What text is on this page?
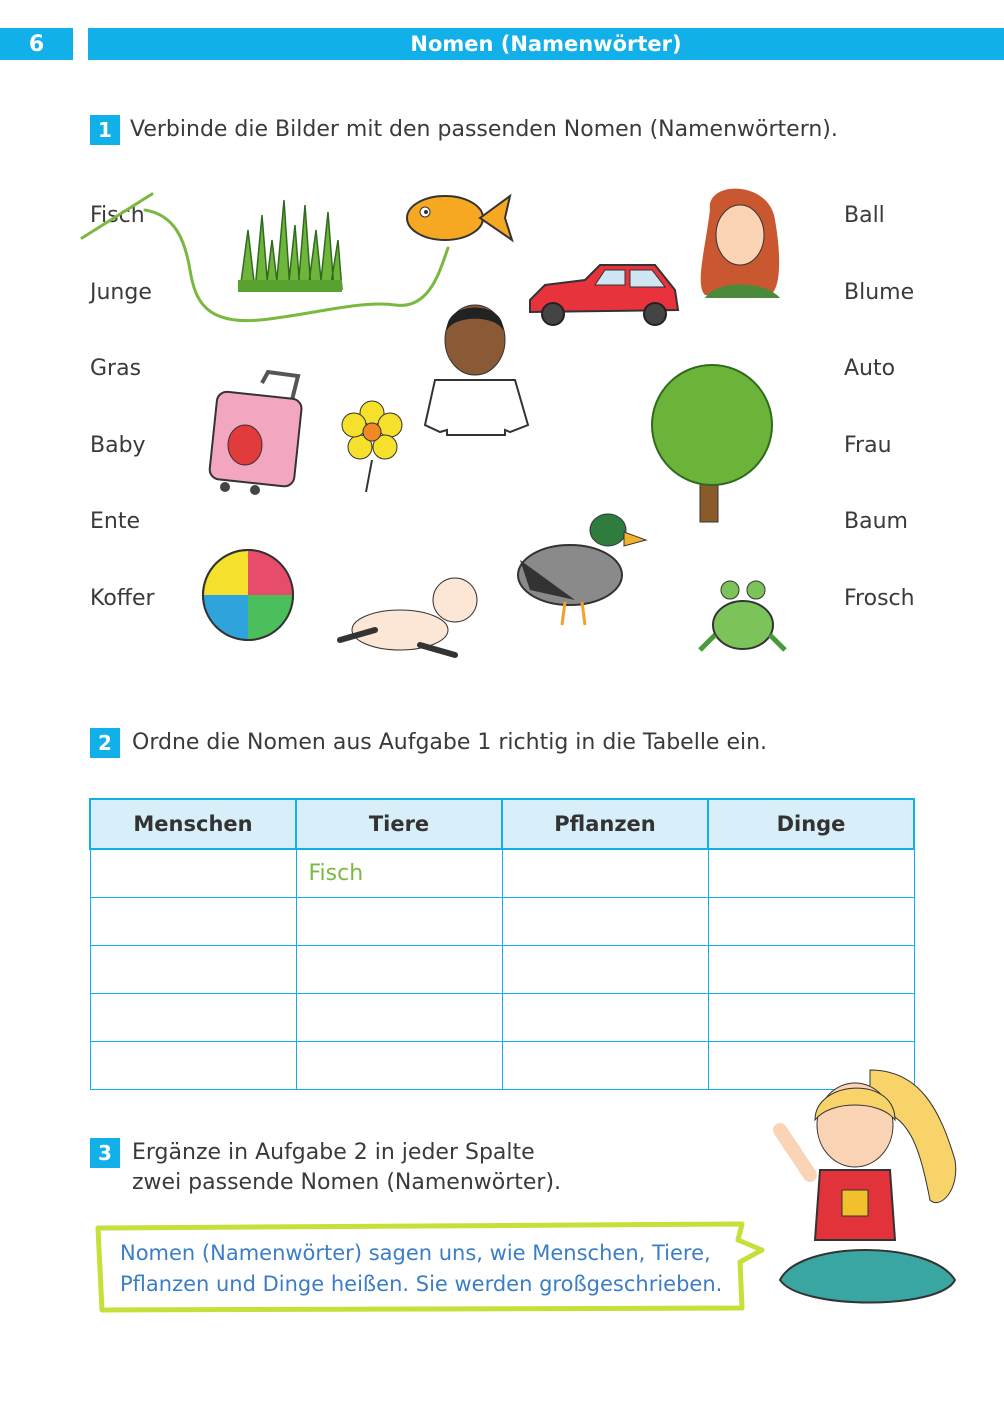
6	Nomen (Namenwörter)
1 Verbinde die Bilder mit den passenden Nomen (Namenwörtern).
Fisch
Junge
Gras
Baby
Ente
Koffer
Ball
Blume
Auto
Frau
Baum
Frosch
2 Ordne die Nomen aus Aufgabe 1 richtig in die Tabelle ein.
Menschen	Tiere	Pflanzen	Dinge
	Fisch		

3 Ergänze in Aufgabe 2 in jeder Spalte
zwei passende Nomen (Namenwörter).
Nomen (Namenwörter) sagen uns, wie Menschen, Tiere,
Pflanzen und Dinge heißen. Sie werden großgeschrieben.
